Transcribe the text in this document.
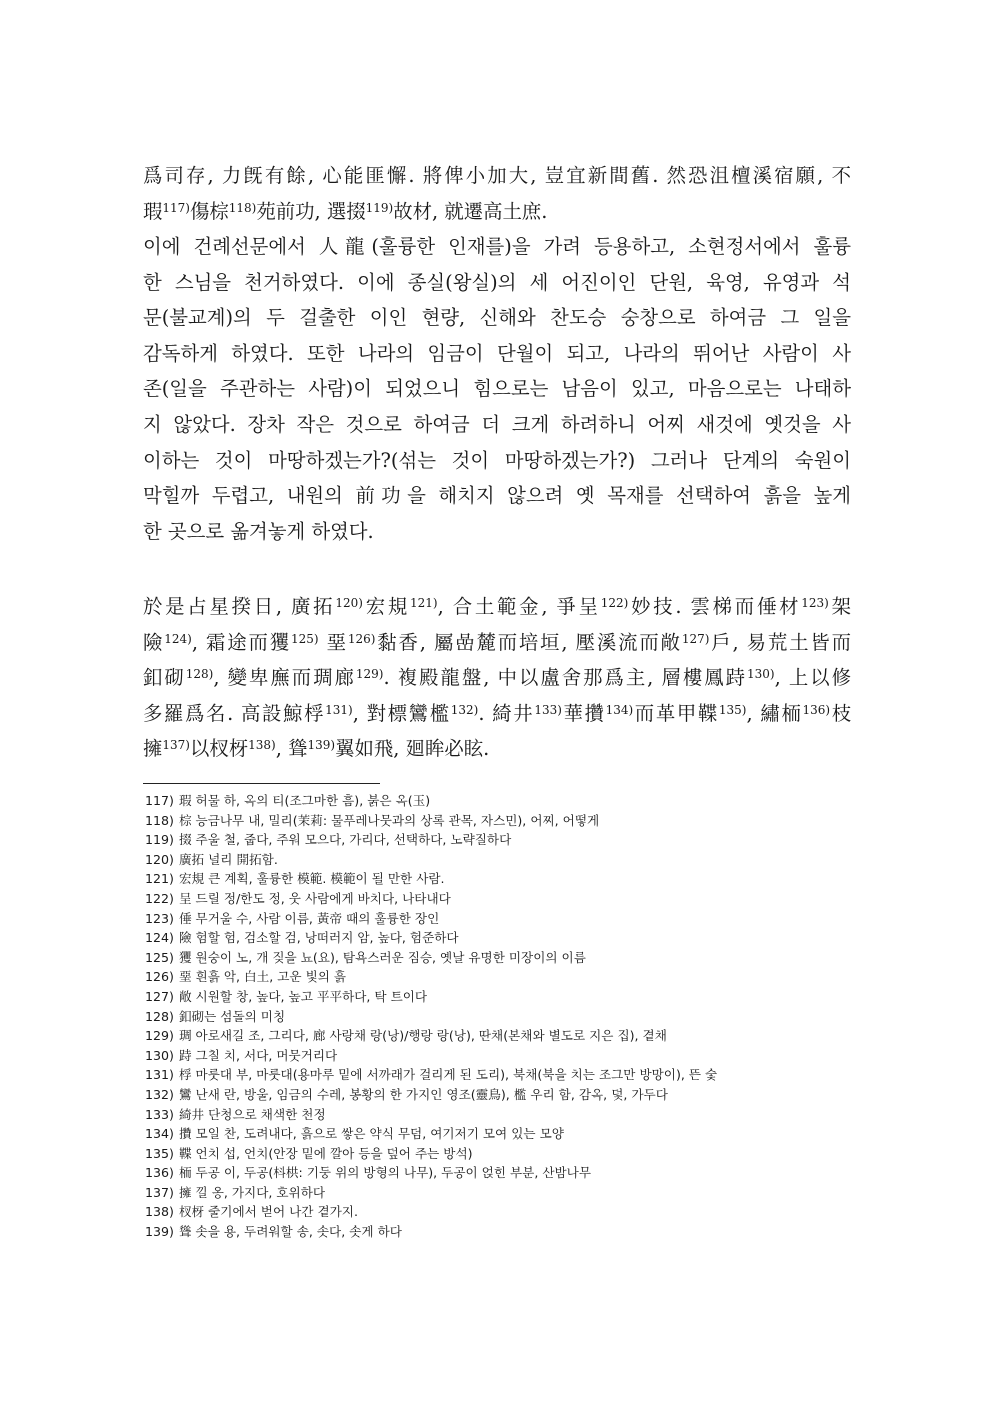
爲司存, 力旣有餘, 心能匪懈. 將俾小加大, 豈宜新間舊. 然恐沮檀溪宿願, 不
瑕$^{117)}$傷棕$^{118)}$苑前功, 選掇$^{119)}$故材, 就遷高土庶.
이에 건례선문에서 人龍(훌륭한 인재를)을 가려 등용하고, 소현정서에서 훌륭
한 스님을 천거하였다. 이에 종실(왕실)의 세 어진이인 단원, 육영, 유영과 석
문(불교계)의 두 걸출한 이인 현량, 신해와 찬도승 숭창으로 하여금 그 일을
감독하게 하였다. 또한 나라의 임금이 단월이 되고, 나라의 뛰어난 사람이 사
존(일을 주관하는 사람)이 되었으니 힘으로는 남음이 있고, 마음으로는 나태하
지 않았다. 장차 작은 것으로 하여금 더 크게 하려하니 어찌 새것에 옛것을 사
이하는 것이 마땅하겠는가?(섞는 것이 마땅하겠는가?) 그러나 단계의 숙원이
막힐까 두렵고, 내원의 前功을 해치지 않으려 옛 목재를 선택하여 흙을 높게
한 곳으로 옮겨놓게 하였다.
於是占星揆日, 廣拓$^{120)}$宏規$^{121)}$, 合土範金, 爭呈$^{122)}$妙技. 雲梯而倕材$^{123)}$架
險$^{124)}$, 霜途而玃$^{125)}$ 堊$^{126)}$黏香, 屬嵒麓而培垣, 壓溪流而敞$^{127)}$戶, 易荒土皆而
釦砌$^{128)}$, 變卑廡而琱廊$^{129)}$. 複殿龍盤, 中以盧舍那爲主, 層樓鳳跱$^{130)}$, 上以修
多羅爲名. 高設鯨桴$^{131)}$, 對標鸞檻$^{132)}$. 綺井$^{133)}$華攢$^{134)}$而革甲鞢$^{135)}$, 繡栭$^{136)}$枝
擁$^{137)}$以杈枒$^{138)}$, 聳$^{139)}$翼如飛, 廻眸必眩.
117) 瑕 허물 하, 옥의 티(조그마한 흠), 붉은 옥(玉)
118) 棕 능금나무 내, 밀리(茉莉: 물푸레나뭇과의 상록 관목, 자스민), 어찌, 어떻게
119) 掇 주울 철, 줍다, 주워 모으다, 가리다, 선택하다, 노략질하다
120) 廣拓 널리 開拓함.
121) 宏規 큰 계획, 훌륭한 模範. 模範이 될 만한 사람.
122) 呈 드릴 정/한도 정, 웃 사람에게 바치다, 나타내다
123) 倕 무거울 수, 사람 이름, 黃帝 때의 훌륭한 장인
124) 險 험할 험, 검소할 검, 낭떠러지 암, 높다, 험준하다
125) 玃 원숭이 노, 개 짖을 뇨(요), 탐욕스러운 짐승, 옛날 유명한 미장이의 이름
126) 堊 흰흙 악, 白土, 고운 빛의 흙
127) 敞 시원할 창, 높다, 높고 平平하다, 탁 트이다
128) 釦砌는 섬돌의 미칭
129) 琱 아로새길 조, 그리다, 廊 사랑채 랑(낭)/행랑 랑(낭), 딴채(본채와 별도로 지은 집), 곁채
130) 跱 그칠 치, 서다, 머뭇거리다
131) 桴 마룻대 부, 마룻대(용마루 밑에 서까래가 걸리게 된 도리), 북채(북을 치는 조그만 방망이), 뜬 숯
132) 鸞 난새 란, 방울, 임금의 수레, 봉황의 한 가지인 영조(靈鳥), 檻 우리 함, 감옥, 덫, 가두다
133) 綺井 단청으로 채색한 천정
134) 攢 모일 찬, 도려내다, 흙으로 쌓은 약식 무덤, 여기저기 모여 있는 모양
135) 鞢 언치 섭, 언치(안장 밑에 깔아 등을 덮어 주는 방석)
136) 栭 두공 이, 두공(枓栱: 기둥 위의 방형의 나무), 두공이 얹힌 부분, 산밤나무
137) 擁 낄 옹, 가지다, 호위하다
138) 杈枒 줄기에서 벋어 나간 곁가지.
139) 聳 솟을 용, 두려워할 송, 솟다, 솟게 하다
